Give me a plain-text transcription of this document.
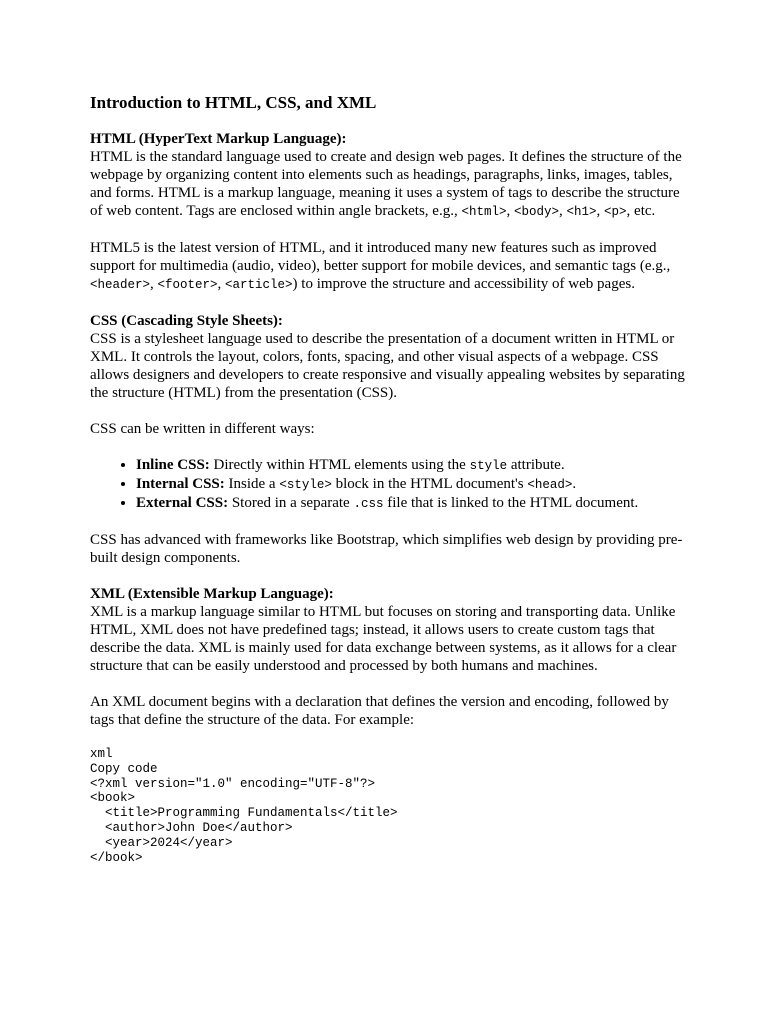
Introduction to HTML, CSS, and XML
HTML (HyperText Markup Language):

HTML is the standard language used to create and design web pages. It defines the structure of the webpage by organizing content into elements such as headings, paragraphs, links, images, tables, and forms. HTML is a markup language, meaning it uses a system of tags to describe the structure of web content. Tags are enclosed within angle brackets, e.g., <html>, <body>, <h1>, <p>, etc.

HTML5 is the latest version of HTML, and it introduced many new features such as improved support for multimedia (audio, video), better support for mobile devices, and semantic tags (e.g., <header>, <footer>, <article>) to improve the structure and accessibility of web pages.

CSS (Cascading Style Sheets):

CSS is a stylesheet language used to describe the presentation of a document written in HTML or XML. It controls the layout, colors, fonts, spacing, and other visual aspects of a webpage. CSS allows designers and developers to create responsive and visually appealing websites by separating the structure (HTML) from the presentation (CSS).

CSS can be written in different ways:

• Inline CSS: Directly within HTML elements using the style attribute.
• Internal CSS: Inside a <style> block in the HTML document's <head>.
• External CSS: Stored in a separate .css file that is linked to the HTML document.

CSS has advanced with frameworks like Bootstrap, which simplifies web design by providing pre-built design components.

XML (Extensible Markup Language):

XML is a markup language similar to HTML but focuses on storing and transporting data. Unlike HTML, XML does not have predefined tags; instead, it allows users to create custom tags that describe the data. XML is mainly used for data exchange between systems, as it allows for a clear structure that can be easily understood and processed by both humans and machines.

An XML document begins with a declaration that defines the version and encoding, followed by tags that define the structure of the data. For example:

xml
Copy code
<?xml version="1.0" encoding="UTF-8"?>
<book>
<title>Programming Fundamentals</title>
<author>John Doe</author>
<year>2024</year>
</book>
